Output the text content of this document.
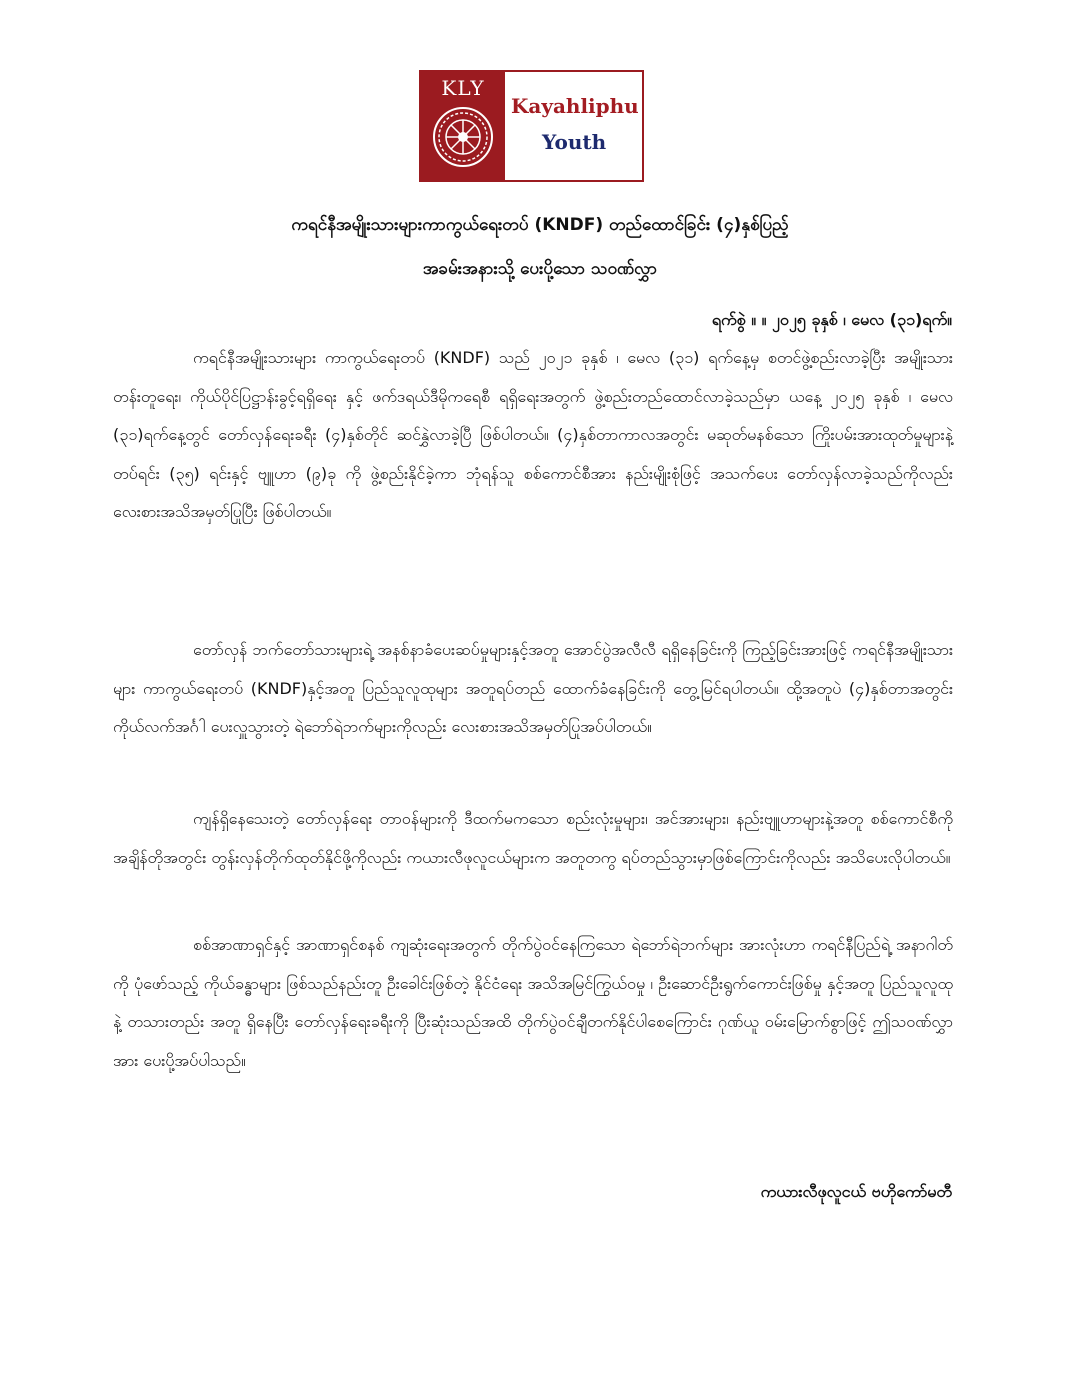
KLY
Kayahliphu
Youth
ကရင်နီအမျိုးသားများကာကွယ်ရေးတပ် (KNDF) တည်ထောင်ခြင်း (၄)နှစ်ပြည့်
အခမ်းအနားသို့ ပေးပို့သော သဝဏ်လွှာ
ရက်စွဲ ။ ။ ၂၀၂၅ ခုနှစ် ၊ မေလ (၃၁)ရက်။

ကရင်နီအမျိုးသားများ ကာကွယ်ရေးတပ် (KNDF) သည် ၂၀၂၁ ခုနှစ် ၊ မေလ (၃၁) ရက်နေ့မှ စတင်ဖွဲ့စည်းလာခဲ့ပြီး အမျိုးသားတန်းတူရေး၊ ကိုယ်ပိုင်ပြဋ္ဌာန်းခွင့်ရရှိရေး နှင့် ဖက်ဒရယ်ဒီမိုကရေစီ ရရှိရေးအတွက် ဖွဲ့စည်းတည်ထောင်လာခဲ့သည်မှာ ယနေ့ ၂၀၂၅ ခုနှစ် ၊ မေလ (၃၁)ရက်နေ့တွင် တော်လှန်ရေးခရီး (၄)နှစ်တိုင် ဆင်နွှဲလာခဲ့ပြီ ဖြစ်ပါတယ်။ (၄)နှစ်တာကာလအတွင်း မဆုတ်မနစ်သော ကြိုးပမ်းအားထုတ်မှုများနဲ့ တပ်ရင်း (၃၅) ရင်းနှင့် ဗျူဟာ (၉)ခု ကို ဖွဲ့စည်းနိုင်ခဲ့ကာ ဘုံရန်သူ စစ်ကောင်စီအား နည်းမျိုးစုံဖြင့် အသက်ပေး တော်လှန်လာခဲ့သည်ကိုလည်း လေးစားအသိအမှတ်ပြုပြီး ဖြစ်ပါတယ်။

တော်လှန် ဘက်တော်သားများရဲ့ အနစ်နာခံပေးဆပ်မှုများနှင့်အတူ အောင်ပွဲအလီလီ ရရှိနေခြင်းကို ကြည့်ခြင်းအားဖြင့် ကရင်နီအမျိုးသားများ ကာကွယ်ရေးတပ် (KNDF)နှင့်အတူ ပြည်သူလူထုများ အတူရပ်တည် ထောက်ခံနေခြင်းကို တွေ့မြင်ရပါတယ်။ ထို့အတူပဲ (၄)နှစ်တာအတွင်း ကိုယ်လက်အင်္ဂါ ပေးလှူသွားတဲ့ ရဲဘော်ရဲဘက်များကိုလည်း လေးစားအသိအမှတ်ပြုအပ်ပါတယ်။

ကျန်ရှိနေသေးတဲ့ တော်လှန်ရေး တာဝန်များကို ဒီထက်မကသော စည်းလုံးမှုများ၊ အင်အားများ၊ နည်းဗျူဟာများနဲ့အတူ စစ်ကောင်စီကို အချိန်တိုအတွင်း တွန်းလှန်တိုက်ထုတ်နိုင်ဖို့ကိုလည်း ကယားလီဖုလူငယ်များက အတူတကွ ရပ်တည်သွားမှာဖြစ်ကြောင်းကိုလည်း အသိပေးလိုပါတယ်။

စစ်အာဏာရှင်နှင့် အာဏာရှင်စနစ် ကျဆုံးရေးအတွက် တိုက်ပွဲဝင်နေကြသော ရဲဘော်ရဲဘက်များ အားလုံးဟာ ကရင်နီပြည်ရဲ့ အနာဂါတ်ကို ပုံဖော်သည့် ကိုယ်ခန္ဓာများ ဖြစ်သည်နည်းတူ ဦးခေါင်းဖြစ်တဲ့ နိုင်ငံရေး အသိအမြင်ကြွယ်ဝမှု ၊ ဦးဆောင်ဦးရွက်ကောင်းဖြစ်မှု နှင့်အတူ ပြည်သူလူထုနဲ့ တသားတည်း အတူ ရှိနေပြီး တော်လှန်ရေးခရီးကို ပြီးဆုံးသည်အထိ တိုက်ပွဲဝင်ချီတက်နိုင်ပါစေကြောင်း ဂုဏ်ယူ ဝမ်းမြောက်စွာဖြင့် ဤသဝဏ်လွှာအား ပေးပို့အပ်ပါသည်။

ကယားလီဖုလူငယ် ဗဟိုကော်မတီ
